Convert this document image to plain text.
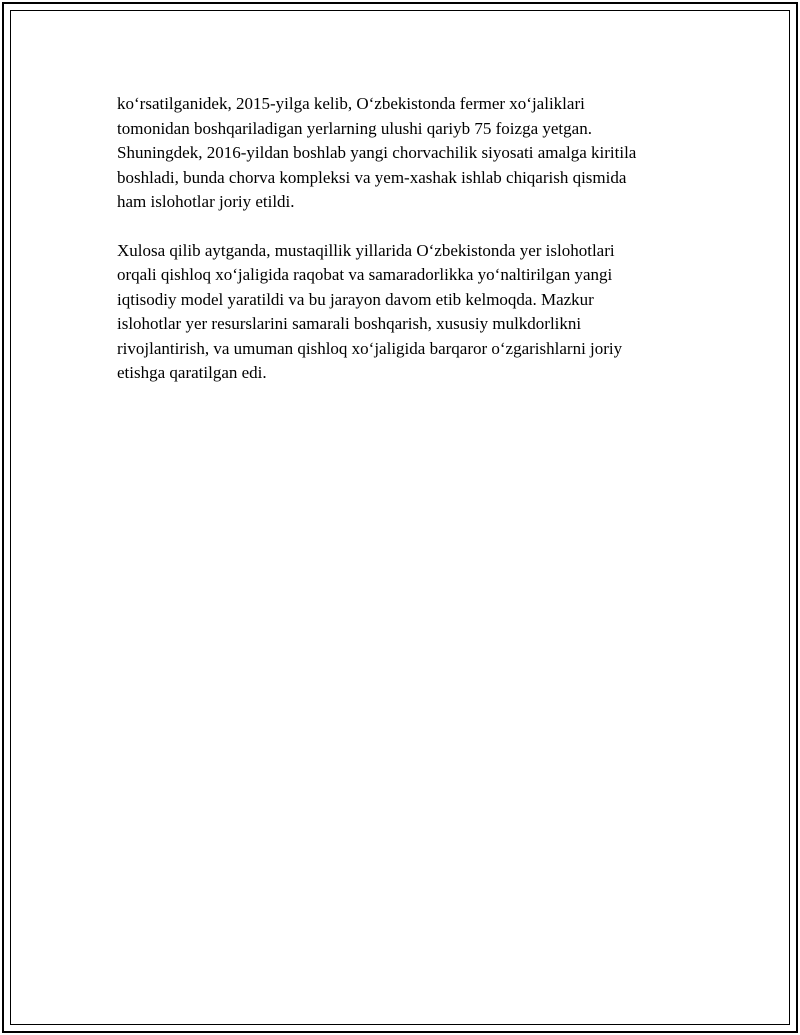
koʻrsatilganidek, 2015-yilga kelib, Oʻzbekistonda fermer xoʻjaliklari
tomonidan boshqariladigan yerlarning ulushi qariyb 75 foizga yetgan.
Shuningdek, 2016-yildan boshlab yangi chorvachilik siyosati amalga kiritila
boshladi, bunda chorva kompleksi va yem-xashak ishlab chiqarish qismida
ham islohotlar joriy etildi.

Xulosa qilib aytganda, mustaqillik yillarida Oʻzbekistonda yer islohotlari
orqali qishloq xoʻjaligida raqobat va samaradorlikka yoʻnaltirilgan yangi
iqtisodiy model yaratildi va bu jarayon davom etib kelmoqda. Mazkur
islohotlar yer resurslarini samarali boshqarish, xususiy mulkdorlikni
rivojlantirish, va umuman qishloq xoʻjaligida barqaror oʻzgarishlarni joriy
etishga qaratilgan edi.
